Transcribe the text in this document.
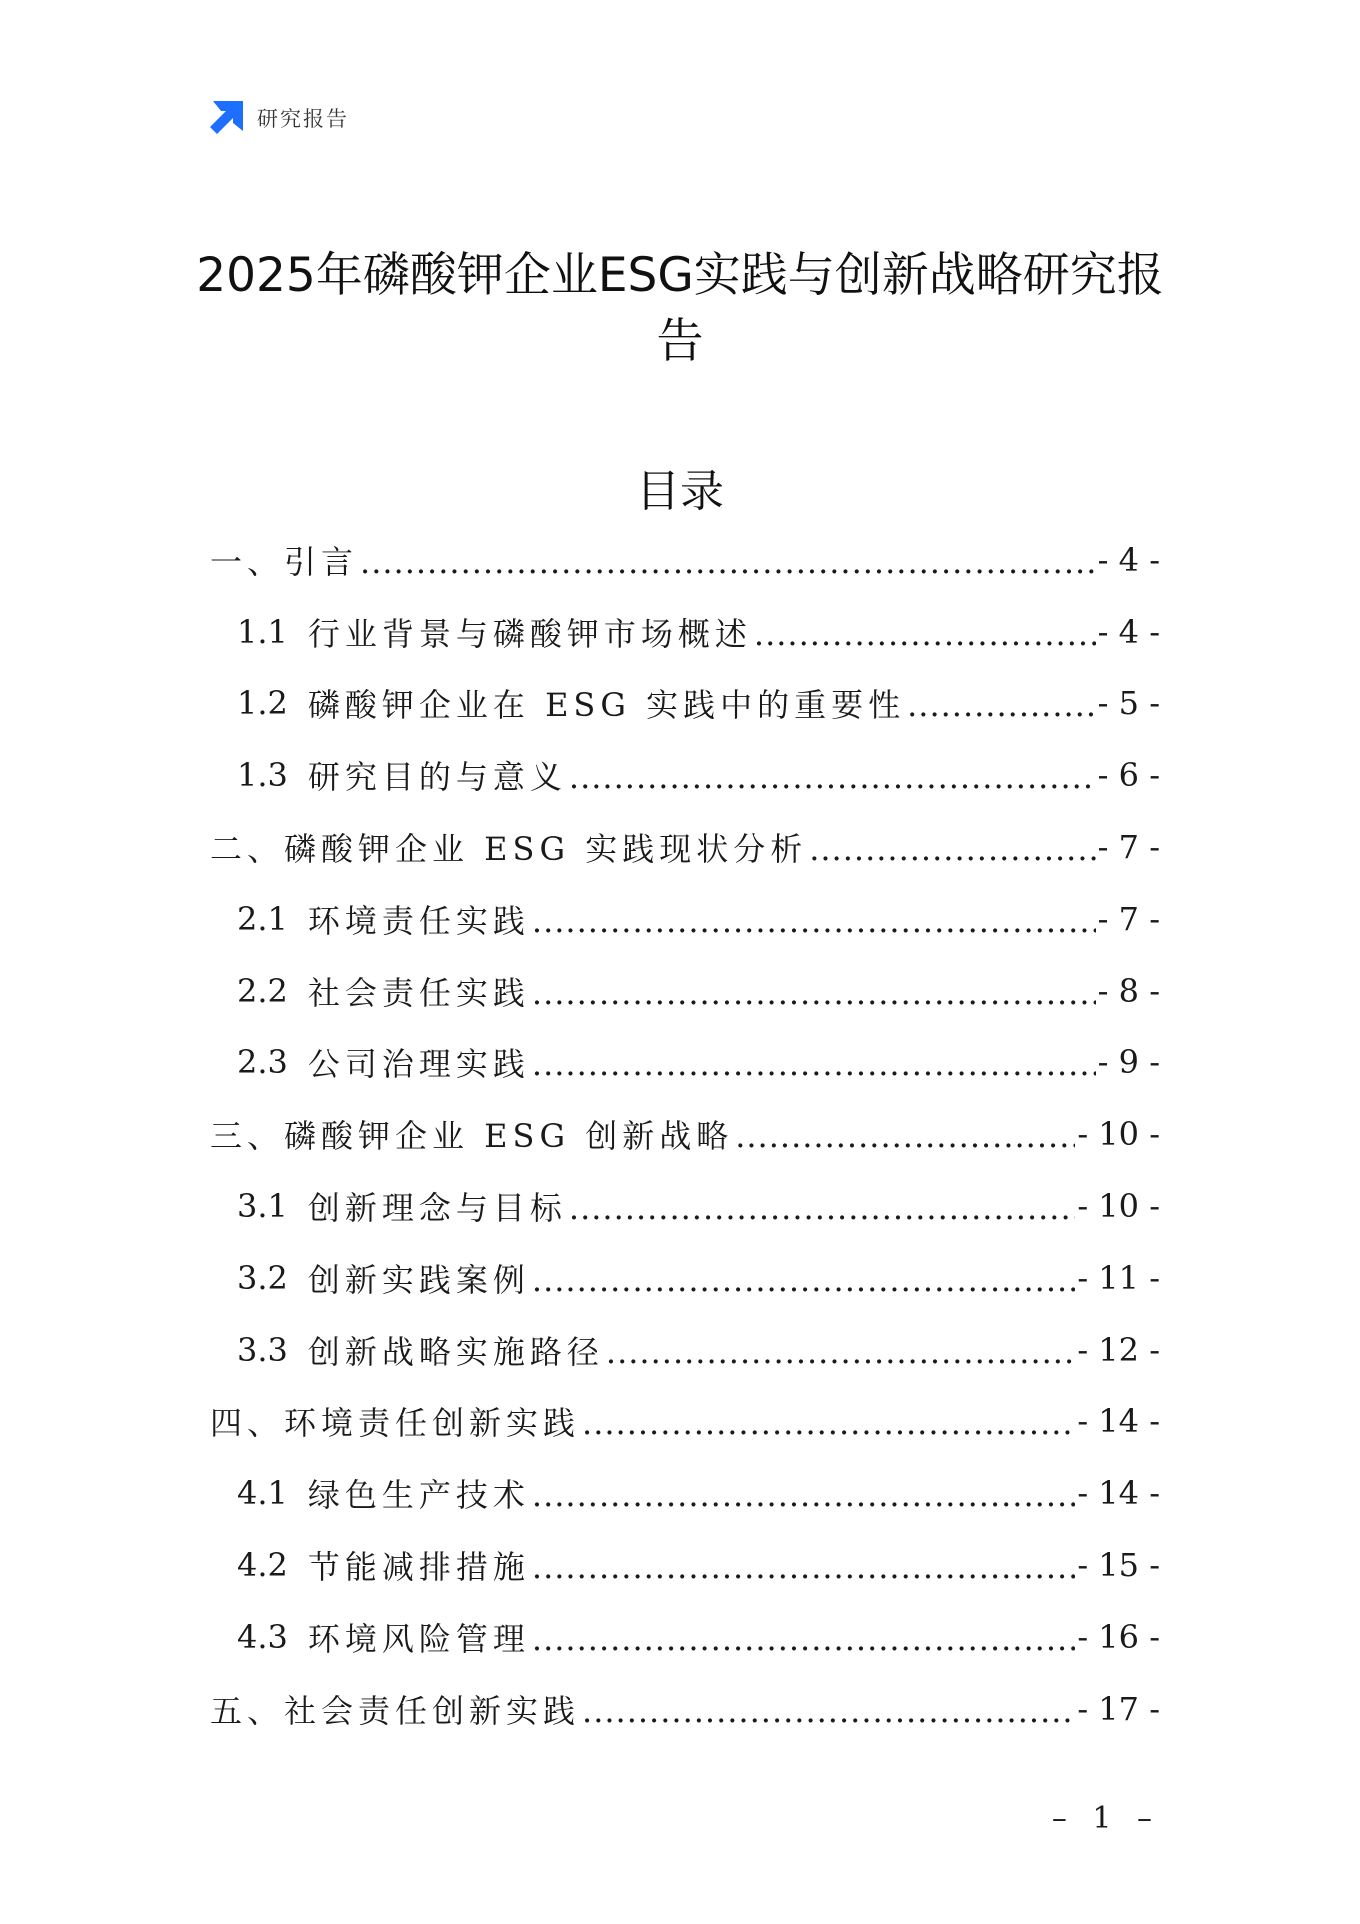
研究报告
2025年磷酸钾企业ESG实践与创新战略研究报告
目录
一、引言 .....	- 4 -
1.1 行业背景与磷酸钾市场概述 .....	- 4 -
1.2 磷酸钾企业在 ESG 实践中的重要性 .....	- 5 -
1.3 研究目的与意义 .....	- 6 -
二、磷酸钾企业 ESG 实践现状分析 .....	- 7 -
2.1 环境责任实践 .....	- 7 -
2.2 社会责任实践 .....	- 8 -
2.3 公司治理实践 .....	- 9 -
三、磷酸钾企业 ESG 创新战略 .....	- 10 -
3.1 创新理念与目标 .....	- 10 -
3.2 创新实践案例 .....	- 11 -
3.3 创新战略实施路径 .....	- 12 -
四、环境责任创新实践 .....	- 14 -
4.1 绿色生产技术 .....	- 14 -
4.2 节能减排措施 .....	- 15 -
4.3 环境风险管理 .....	- 16 -
五、社会责任创新实践 .....	- 17 -
– 1 –
